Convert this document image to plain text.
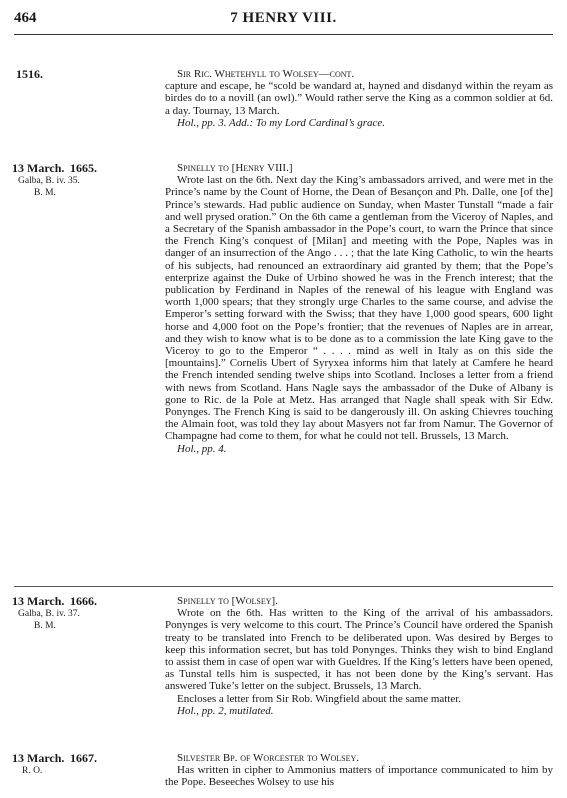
464	7 HENRY VIII.
1516.	Sir Ric. Whetehyll to Wolsey—cont.

capture and escape, he “scold be wandard at, hayned and disdanyd within the reyam as birdes do to a novill (an owl).” Would rather serve the King as a common soldier at 6d. a day. Tournay, 13 March.

Hol., pp. 3. Add.: To my Lord Cardinal’s grace.

13 March. 1665.
Galba, B. iv. 35.
B. M.
Spinelly to [Henry VIII.]

Wrote last on the 6th. Next day the King’s ambassadors arrived, and were met in the Prince’s name by the Count of Horne, the Dean of Besançon and Ph. Dalle, one [of the] Prince’s stewards. Had public audience on Sunday, when Master Tunstall “made a fair and well prysed oration.” On the 6th came a gentleman from the Viceroy of Naples, and a Secretary of the Spanish ambassador in the Pope’s court, to warn the Prince that since the French King’s conquest of [Milan] and meeting with the Pope, Naples was in danger of an insurrection of the Ango . . . ; that the late King Catholic, to win the hearts of his subjects, had renounced an extraordinary aid granted by them; that the Pope’s enterprize against the Duke of Urbino showed he was in the French interest; that the publication by Ferdinand in Naples of the renewal of his league with England was worth 1,000 spears; that they strongly urge Charles to the same course, and advise the Emperor’s setting forward with the Swiss; that they have 1,000 good spears, 600 light horse and 4,000 foot on the Pope’s frontier; that the revenues of Naples are in arrear, and they wish to know what is to be done as to a commission the late King gave to the Viceroy to go to the Emperor “ . . . . mind as well in Italy as on this side the [mountains].” Cornelis Ubert of Syryxea informs him that lately at Camfere he heard the French intended sending twelve ships into Scotland. Incloses a letter from a friend with news from Scotland. Hans Nagle says the ambassador of the Duke of Albany is gone to Ric. de la Pole at Metz. Has arranged that Nagle shall speak with Sir Edw. Ponynges. The French King is said to be dangerously ill. On asking Chievres touching the Almain foot, was told they lay about Masyers not far from Namur. The Governor of Champagne had come to them, for what he could not tell. Brussels, 13 March.

Hol., pp. 4.

13 March. 1666.
Galba, B. iv. 37.
B. M.
Spinelly to [Wolsey].

Wrote on the 6th. Has written to the King of the arrival of his ambassadors. Ponynges is very welcome to this court. The Prince’s Council have ordered the Spanish treaty to be translated into French to be deliberated upon. Was desired by Berges to keep this information secret, but has told Ponynges. Thinks they wish to bind England to assist them in case of open war with Gueldres. If the King’s letters have been opened, as Tunstal tells him is suspected, it has not been done by the King’s servant. Has answered Tuke’s letter on the subject. Brussels, 13 March.

Encloses a letter from Sir Rob. Wingfield about the same matter.

Hol., pp. 2, mutilated.

13 March. 1667.
R. O.
Silvester Bp. of Worcester to Wolsey.

Has written in cipher to Ammonius matters of importance communicated to him by the Pope. Beseeches Wolsey to use his
